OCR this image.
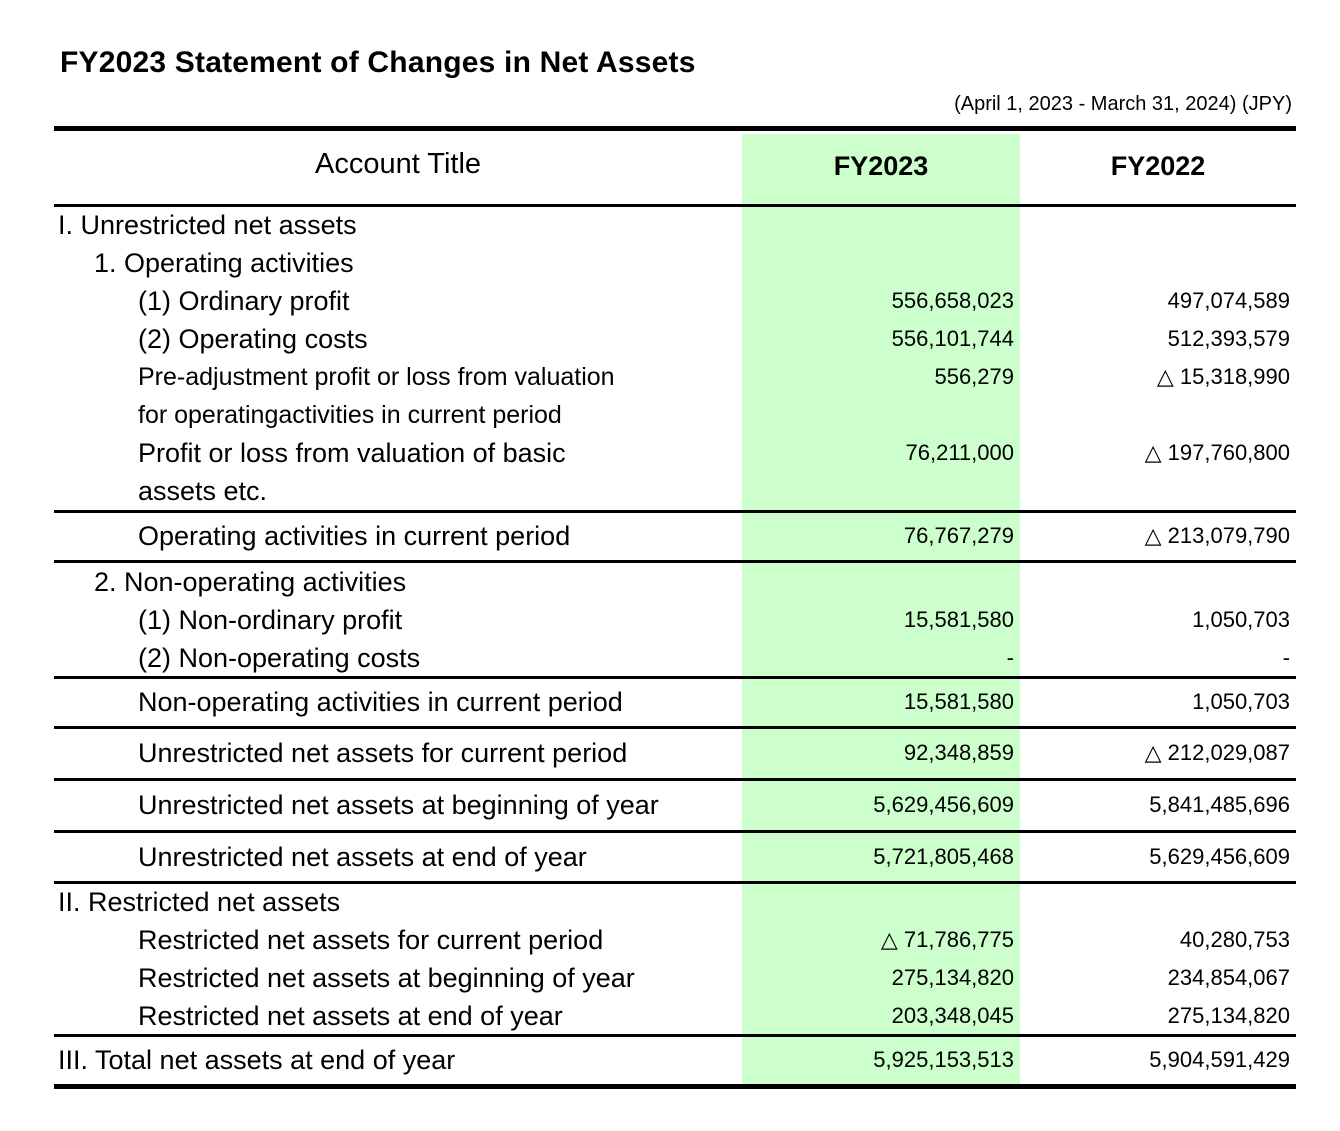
FY2023 Statement of Changes in Net Assets
(April 1, 2023 - March 31, 2024) (JPY)
Account Title	FY2023	FY2022
I. Unrestricted net assets
1. Operating activities
(1) Ordinary profit	556,658,023	497,074,589
(2) Operating costs	556,101,744	512,393,579
Pre-adjustment profit or loss from valuation	556,279	△ 15,318,990
for operatingactivities in current period
Profit or loss from valuation of basic	76,211,000	△ 197,760,800
assets etc.
Operating activities in current period	76,767,279	△ 213,079,790
2. Non-operating activities
(1) Non-ordinary profit	15,581,580	1,050,703
(2) Non-operating costs	-	-
Non-operating activities in current period	15,581,580	1,050,703
Unrestricted net assets for current period	92,348,859	△ 212,029,087
Unrestricted net assets at beginning of year	5,629,456,609	5,841,485,696
Unrestricted net assets at end of year	5,721,805,468	5,629,456,609
II. Restricted net assets
Restricted net assets for current period	△ 71,786,775	40,280,753
Restricted net assets at beginning of year	275,134,820	234,854,067
Restricted net assets at end of year	203,348,045	275,134,820
III. Total net assets at end of year	5,925,153,513	5,904,591,429
